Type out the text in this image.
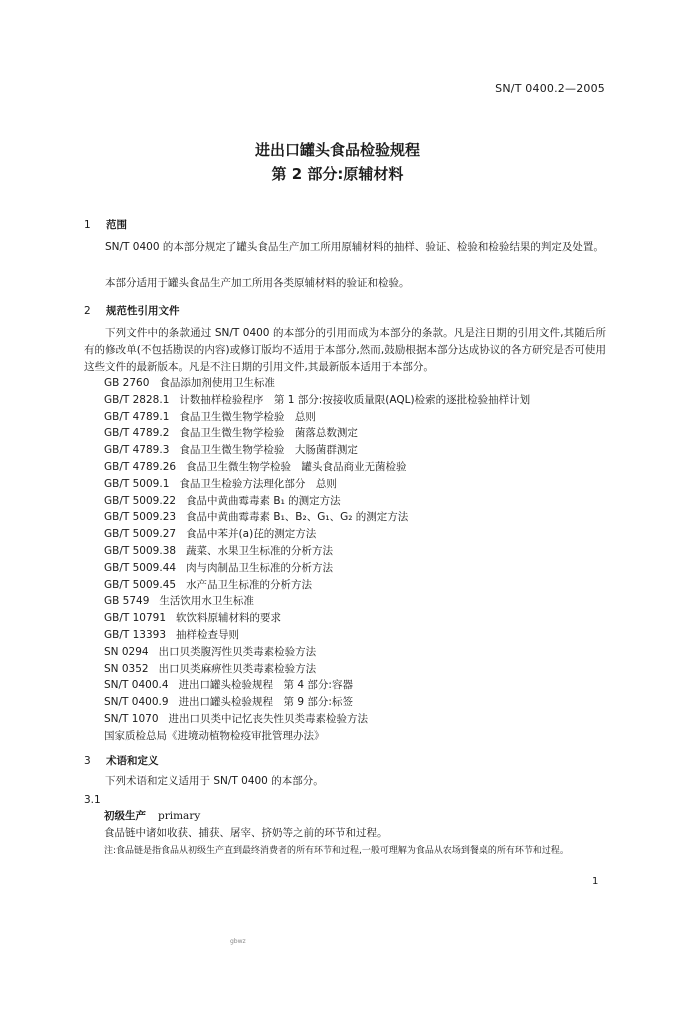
SN/T 0400.2—2005
进出口罐头食品检验规程
第 2 部分:原辅材料
1 范围
SN/T 0400 的本部分规定了罐头食品生产加工所用原辅材料的抽样、验证、检验和检验结果的判定及处置。
本部分适用于罐头食品生产加工所用各类原辅材料的验证和检验。
2 规范性引用文件
下列文件中的条款通过 SN/T 0400 的本部分的引用而成为本部分的条款。凡是注日期的引用文件,其随后所有的修改单(不包括勘误的内容)或修订版均不适用于本部分,然而,鼓励根据本部分达成协议的各方研究是否可使用这些文件的最新版本。凡是不注日期的引用文件,其最新版本适用于本部分。
GB 2760 食品添加剂使用卫生标准
GB/T 2828.1 计数抽样检验程序　第 1 部分:按接收质量限(AQL)检索的逐批检验抽样计划
GB/T 4789.1 食品卫生微生物学检验　总则
GB/T 4789.2 食品卫生微生物学检验　菌落总数测定
GB/T 4789.3 食品卫生微生物学检验　大肠菌群测定
GB/T 4789.26 食品卫生微生物学检验　罐头食品商业无菌检验
GB/T 5009.1 食品卫生检验方法理化部分　总则
GB/T 5009.22 食品中黄曲霉毒素 B₁ 的测定方法
GB/T 5009.23 食品中黄曲霉毒素 B₁、B₂、G₁、G₂ 的测定方法
GB/T 5009.27 食品中苯并(a)芘的测定方法
GB/T 5009.38 蔬菜、水果卫生标准的分析方法
GB/T 5009.44 肉与肉制品卫生标准的分析方法
GB/T 5009.45 水产品卫生标准的分析方法
GB 5749 生活饮用水卫生标准
GB/T 10791 软饮料原辅材料的要求
GB/T 13393 抽样检查导则
SN 0294 出口贝类腹泻性贝类毒素检验方法
SN 0352 出口贝类麻痹性贝类毒素检验方法
SN/T 0400.4 进出口罐头检验规程　第 4 部分:容器
SN/T 0400.9 进出口罐头检验规程　第 9 部分:标签
SN/T 1070 进出口贝类中记忆丧失性贝类毒素检验方法
国家质检总局《进境动植物检疫审批管理办法》
3 术语和定义
下列术语和定义适用于 SN/T 0400 的本部分。
3.1
初级生产 primary
食品链中诸如收获、捕获、屠宰、挤奶等之前的环节和过程。
注:食品链是指食品从初级生产直到最终消费者的所有环节和过程,一般可理解为食品从农场到餐桌的所有环节和过程。
1
gbwz
